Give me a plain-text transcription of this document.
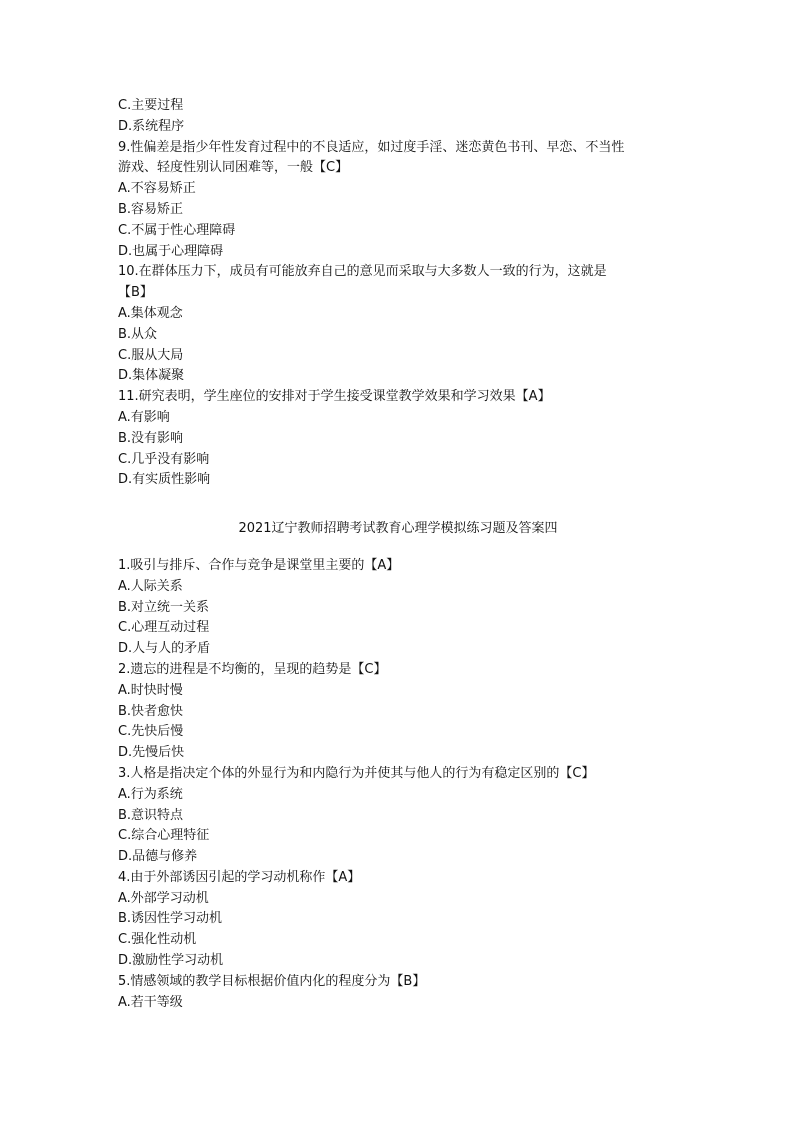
C.主要过程
D.系统程序
9.性偏差是指少年性发育过程中的不良适应，如过度手淫、迷恋黄色书刊、早恋、不当性
游戏、轻度性别认同困难等，一般【C】
A.不容易矫正
B.容易矫正
C.不属于性心理障碍
D.也属于心理障碍
10.在群体压力下，成员有可能放弃自己的意见而采取与大多数人一致的行为，这就是
【B】
A.集体观念
B.从众
C.服从大局
D.集体凝聚
11.研究表明，学生座位的安排对于学生接受课堂教学效果和学习效果【A】
A.有影响
B.没有影响
C.几乎没有影响
D.有实质性影响
2021辽宁教师招聘考试教育心理学模拟练习题及答案四
1.吸引与排斥、合作与竞争是课堂里主要的【A】
A.人际关系
B.对立统一关系
C.心理互动过程
D.人与人的矛盾
2.遗忘的进程是不均衡的，呈现的趋势是【C】
A.时快时慢
B.快者愈快
C.先快后慢
D.先慢后快
3.人格是指决定个体的外显行为和内隐行为并使其与他人的行为有稳定区别的【C】
A.行为系统
B.意识特点
C.综合心理特征
D.品德与修养
4.由于外部诱因引起的学习动机称作【A】
A.外部学习动机
B.诱因性学习动机
C.强化性动机
D.激励性学习动机
5.情感领域的教学目标根据价值内化的程度分为【B】
A.若干等级
